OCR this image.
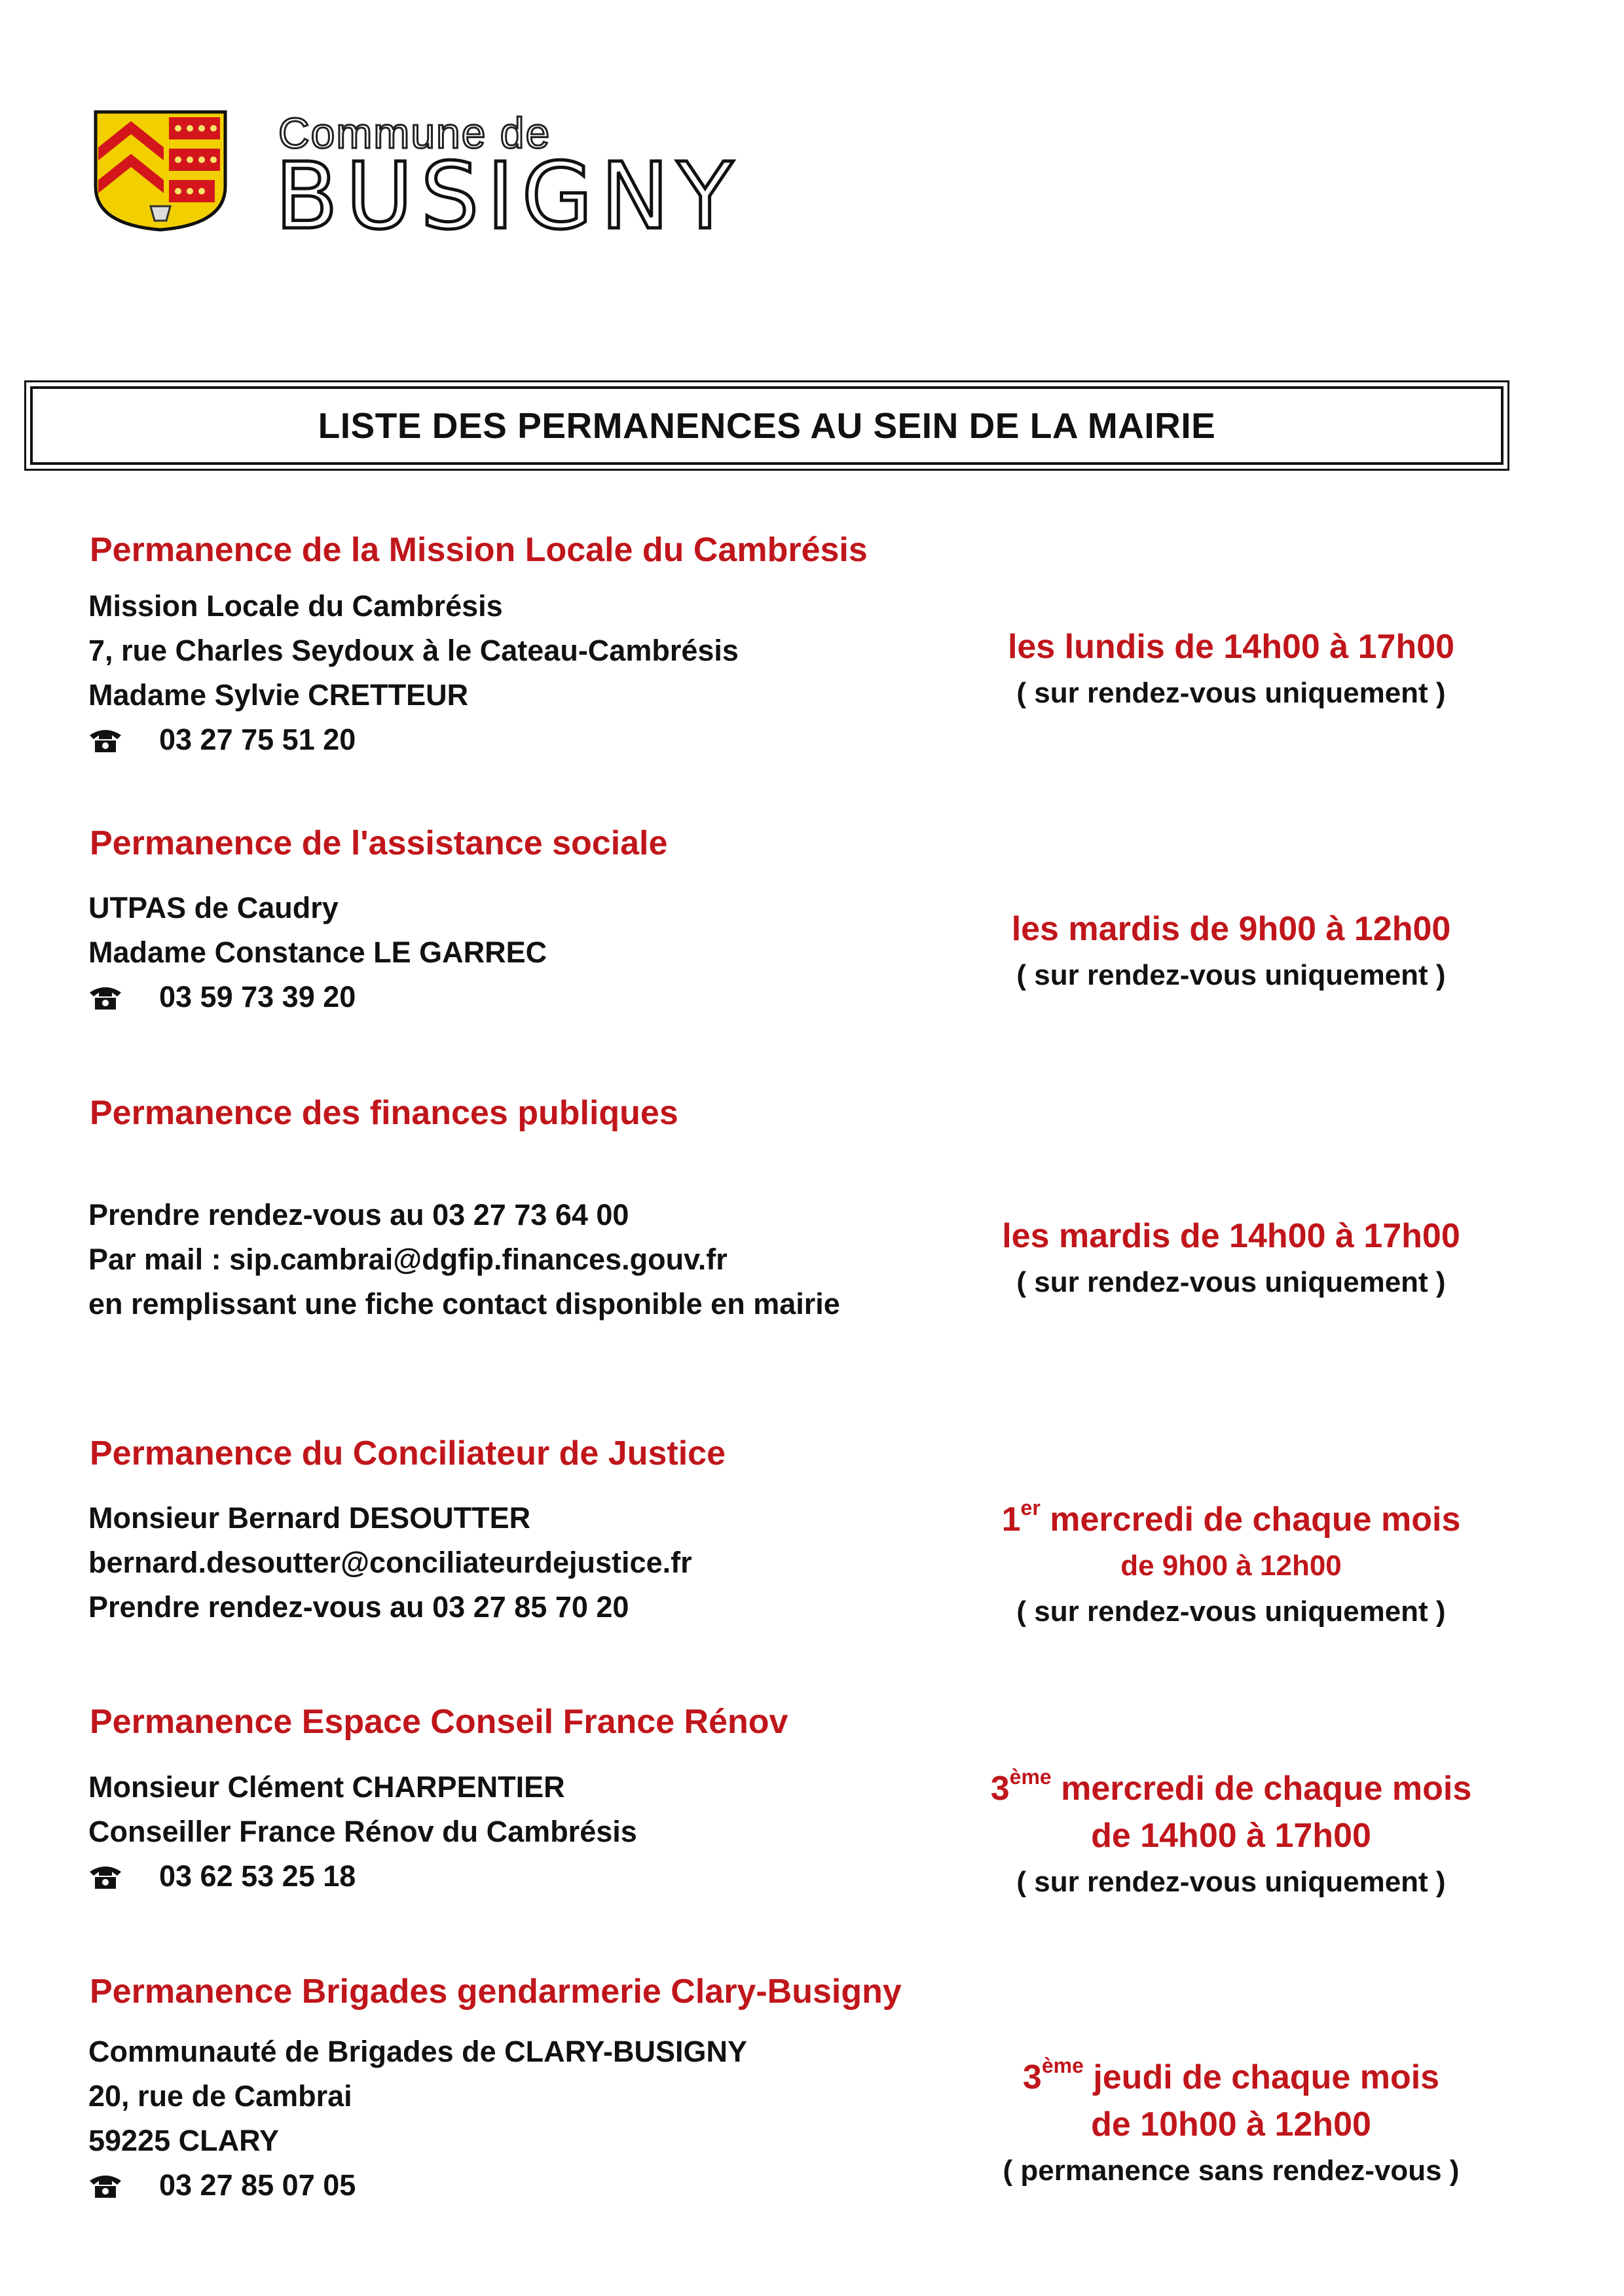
Commune de
BUSIGNY
LISTE DES PERMANENCES AU SEIN DE LA MAIRIE
Permanence de la Mission Locale du Cambrésis
Mission Locale du Cambrésis
7, rue Charles Seydoux à le Cateau-Cambrésis
Madame Sylvie CRETTEUR
03 27 75 51 20
les lundis de 14h00 à 17h00
( sur rendez-vous uniquement )
Permanence de l'assistance sociale
UTPAS de Caudry
Madame Constance LE GARREC
03 59 73 39 20
les mardis de 9h00 à 12h00
( sur rendez-vous uniquement )
Permanence des finances publiques
Prendre rendez-vous au 03 27 73 64 00
Par mail : sip.cambrai@dgfip.finances.gouv.fr
en remplissant une fiche contact disponible en mairie
les mardis de 14h00 à 17h00
( sur rendez-vous uniquement )
Permanence du Conciliateur de Justice
Monsieur Bernard DESOUTTER
bernard.desoutter@conciliateurdejustice.fr
Prendre rendez-vous au 03 27 85 70 20
1er mercredi de chaque mois
de 9h00 à 12h00
( sur rendez-vous uniquement )
Permanence Espace Conseil France Rénov
Monsieur Clément CHARPENTIER
Conseiller France Rénov du Cambrésis
03 62 53 25 18
3ème mercredi de chaque mois
de 14h00 à 17h00
( sur rendez-vous uniquement )
Permanence Brigades gendarmerie Clary-Busigny
Communauté de Brigades de CLARY-BUSIGNY
20, rue de Cambrai
59225 CLARY
03 27 85 07 05
3ème jeudi de chaque mois
de 10h00 à 12h00
( permanence sans rendez-vous )
